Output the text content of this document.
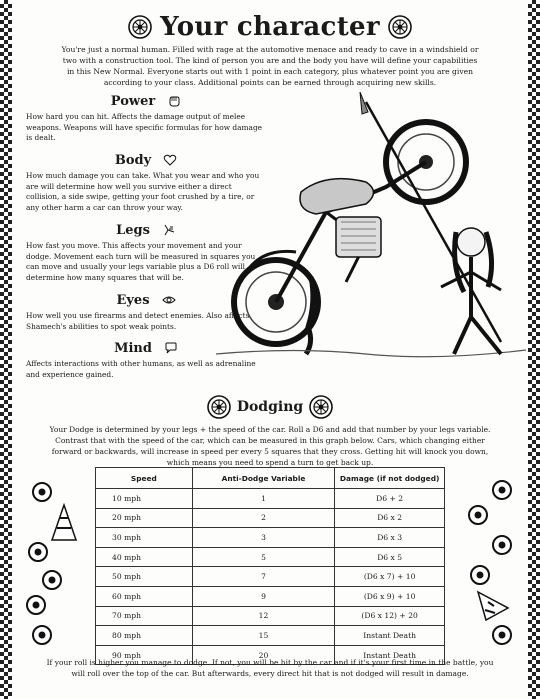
Your character

You're just a normal human. Filled with rage at the automotive menace and ready to cave in a windshield or two with a construction tool. The kind of person you are and the body you have will define your capabilities in this New Normal. Everyone starts out with 1 point in each category, plus whatever point you are given according to your class. Additional points can be earned through acquiring new skills.

Power

How hard you can hit. Affects the damage output of melee weapons. Weapons will have specific formulas for how damage is dealt.

Body

How much damage you can take. What you wear and who you are will determine how well you survive either a direct collision, a side swipe, getting your foot crushed by a tire, or any other harm a car can throw your way.

Legs

How fast you move. This affects your movement and your dodge. Movement each turn will be measured in squares you can move and usually your legs variable plus a D6 roll will determine how many squares that will be.

Eyes

How well you use firearms and detect enemies. Also affects Shamech's abilities to spot weak points.

Mind

Affects interactions with other humans, as well as adrenaline and experience gained.

Dodging

Your Dodge is determined by your legs + the speed of the car. Roll a D6 and add that number by your legs variable. Contrast that with the speed of the car, which can be measured in this graph below. Cars, which changing either forward or backwards, will increase in speed per every 5 squares that they cross. Getting hit will knock you down, which means you need to spend a turn to get back up.

Speed	Anti-Dodge Variable	Damage (if not dodged)
10 mph	1	D6 + 2
20 mph	2	D6 x 2
30 mph	3	D6 x 3
40 mph	5	D6 x 5
50 mph	7	(D6 x 7) + 10
60 mph	9	(D6 x 9) + 10
70 mph	12	(D6 x 12) + 20
80 mph	15	Instant Death
90 mph	20	Instant Death

If your roll is higher you manage to dodge. If not, you will be hit by the car and if it's your first time in the battle, you will roll over the top of the car. But afterwards, every direct hit that is not dodged will result in damage.
